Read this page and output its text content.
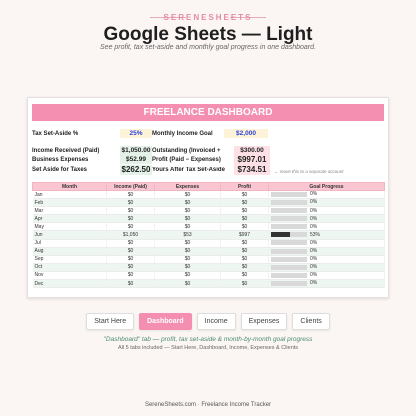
SERENESHEETS
Google Sheets — Light
See profit, tax set-aside and monthly goal progress in one dashboard.
FREELANCE DASHBOARD
Tax Set-Aside %	25%	Monthly Income Goal	$2,000
Income Received (Paid)	$1,050.00 Outstanding (Invoiced +	$300.00
Business Expenses	$52.99	Profit (Paid − Expenses)	$997.01
Set Aside for Taxes	$262.50 Yours After Tax Set-Aside	$734.51	← move this to a separate account
Month	Income (Paid)	Expenses	Profit	Goal Progress
Jan	$0	$0	$0	0%
Feb	$0	$0	$0	0%
Mar	$0	$0	$0	0%
Apr	$0	$0	$0	0%
May	$0	$0	$0	0%
Jun	$1,050	$53	$997	53%
Jul	$0	$0	$0	0%
Aug	$0	$0	$0	0%
Sep	$0	$0	$0	0%
Oct	$0	$0	$0	0%
Nov	$0	$0	$0	0%
Dec	$0	$0	$0	0%
Start Here	Dashboard	Income	Expenses	Clients
"Dashboard" tab — profit, tax set-aside & month-by-month goal progress
All 5 tabs included — Start Here, Dashboard, Income, Expenses & Clients
SereneSheets.com · Freelance Income Tracker
